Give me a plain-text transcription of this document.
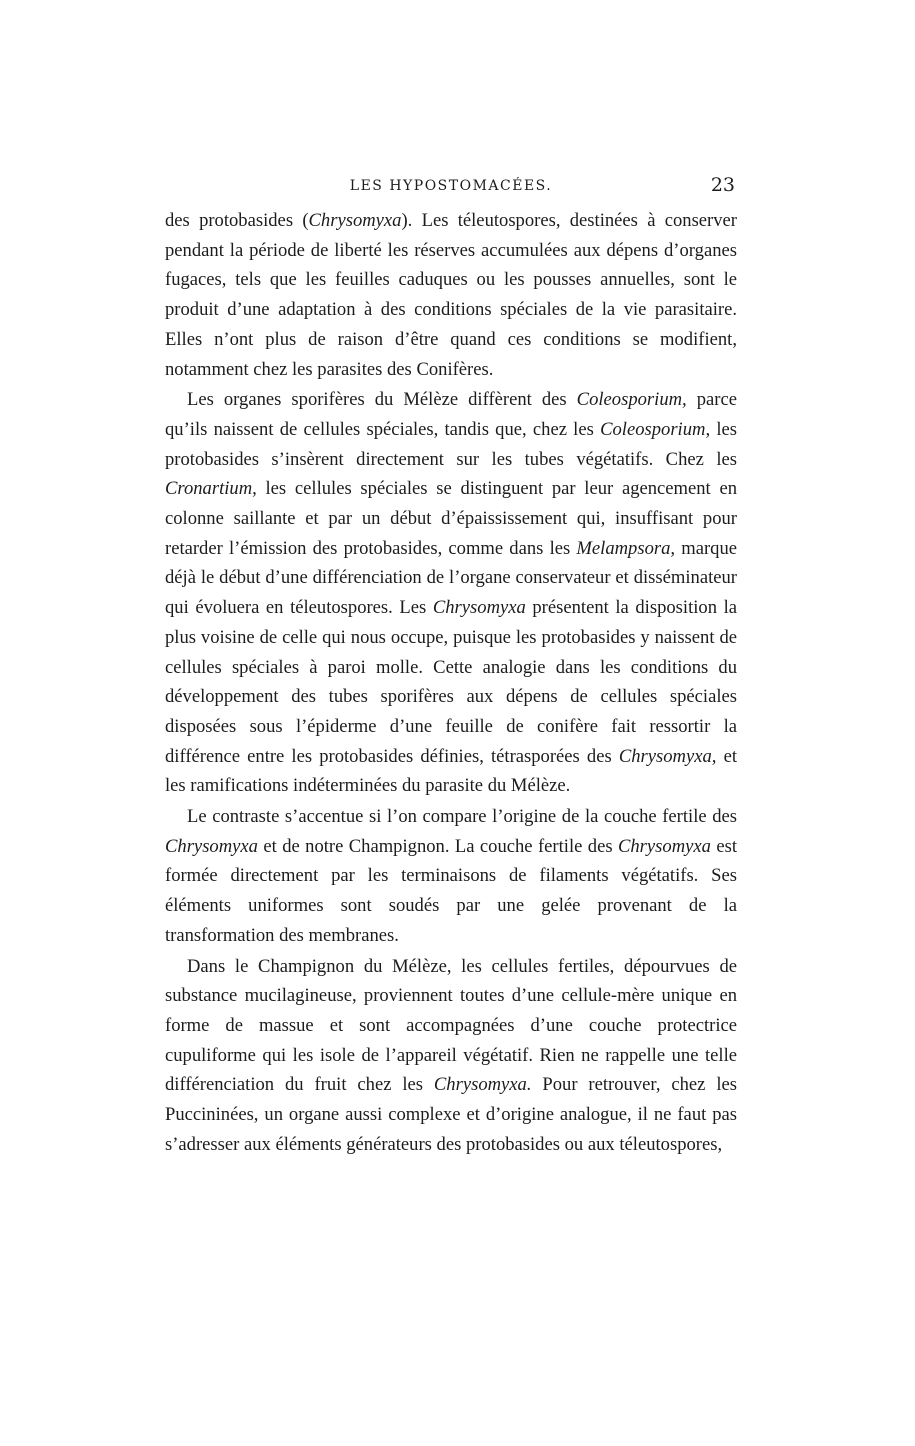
LES HYPOSTOMACÉES.	23

des protobasides (Chrysomyxa). Les téleutospores, destinées à conserver pendant la période de liberté les réserves accumulées aux dépens d’organes fugaces, tels que les feuilles caduques ou les pousses annuelles, sont le produit d’une adaptation à des conditions spéciales de la vie parasitaire. Elles n’ont plus de raison d’être quand ces conditions se modifient, notamment chez les parasites des Conifères.

Les organes sporifères du Mélèze diffèrent des Coleosporium, parce qu’ils naissent de cellules spéciales, tandis que, chez les Coleosporium, les protobasides s’insèrent directement sur les tubes végétatifs. Chez les Cronartium, les cellules spéciales se distinguent par leur agencement en colonne saillante et par un début d’épaississement qui, insuffisant pour retarder l’émission des protobasides, comme dans les Melampsora, marque déjà le début d’une différenciation de l’organe conservateur et disséminateur qui évoluera en téleutospores. Les Chrysomyxa présentent la disposition la plus voisine de celle qui nous occupe, puisque les protobasides y naissent de cellules spéciales à paroi molle. Cette analogie dans les conditions du développement des tubes sporifères aux dépens de cellules spéciales disposées sous l’épiderme d’une feuille de conifère fait ressortir la différence entre les protobasides définies, tétrasporées des Chrysomyxa, et les ramifications indéterminées du parasite du Mélèze.

Le contraste s’accentue si l’on compare l’origine de la couche fertile des Chrysomyxa et de notre Champignon. La couche fertile des Chrysomyxa est formée directement par les terminaisons de filaments végétatifs. Ses éléments uniformes sont soudés par une gelée provenant de la transformation des membranes.

Dans le Champignon du Mélèze, les cellules fertiles, dépourvues de substance mucilagineuse, proviennent toutes d’une cellule-mère unique en forme de massue et sont accompagnées d’une couche protectrice cupuliforme qui les isole de l’appareil végétatif. Rien ne rappelle une telle différenciation du fruit chez les Chrysomyxa. Pour retrouver, chez les Puccininées, un organe aussi complexe et d’origine analogue, il ne faut pas s’adresser aux éléments générateurs des protobasides ou aux téleutospores,
